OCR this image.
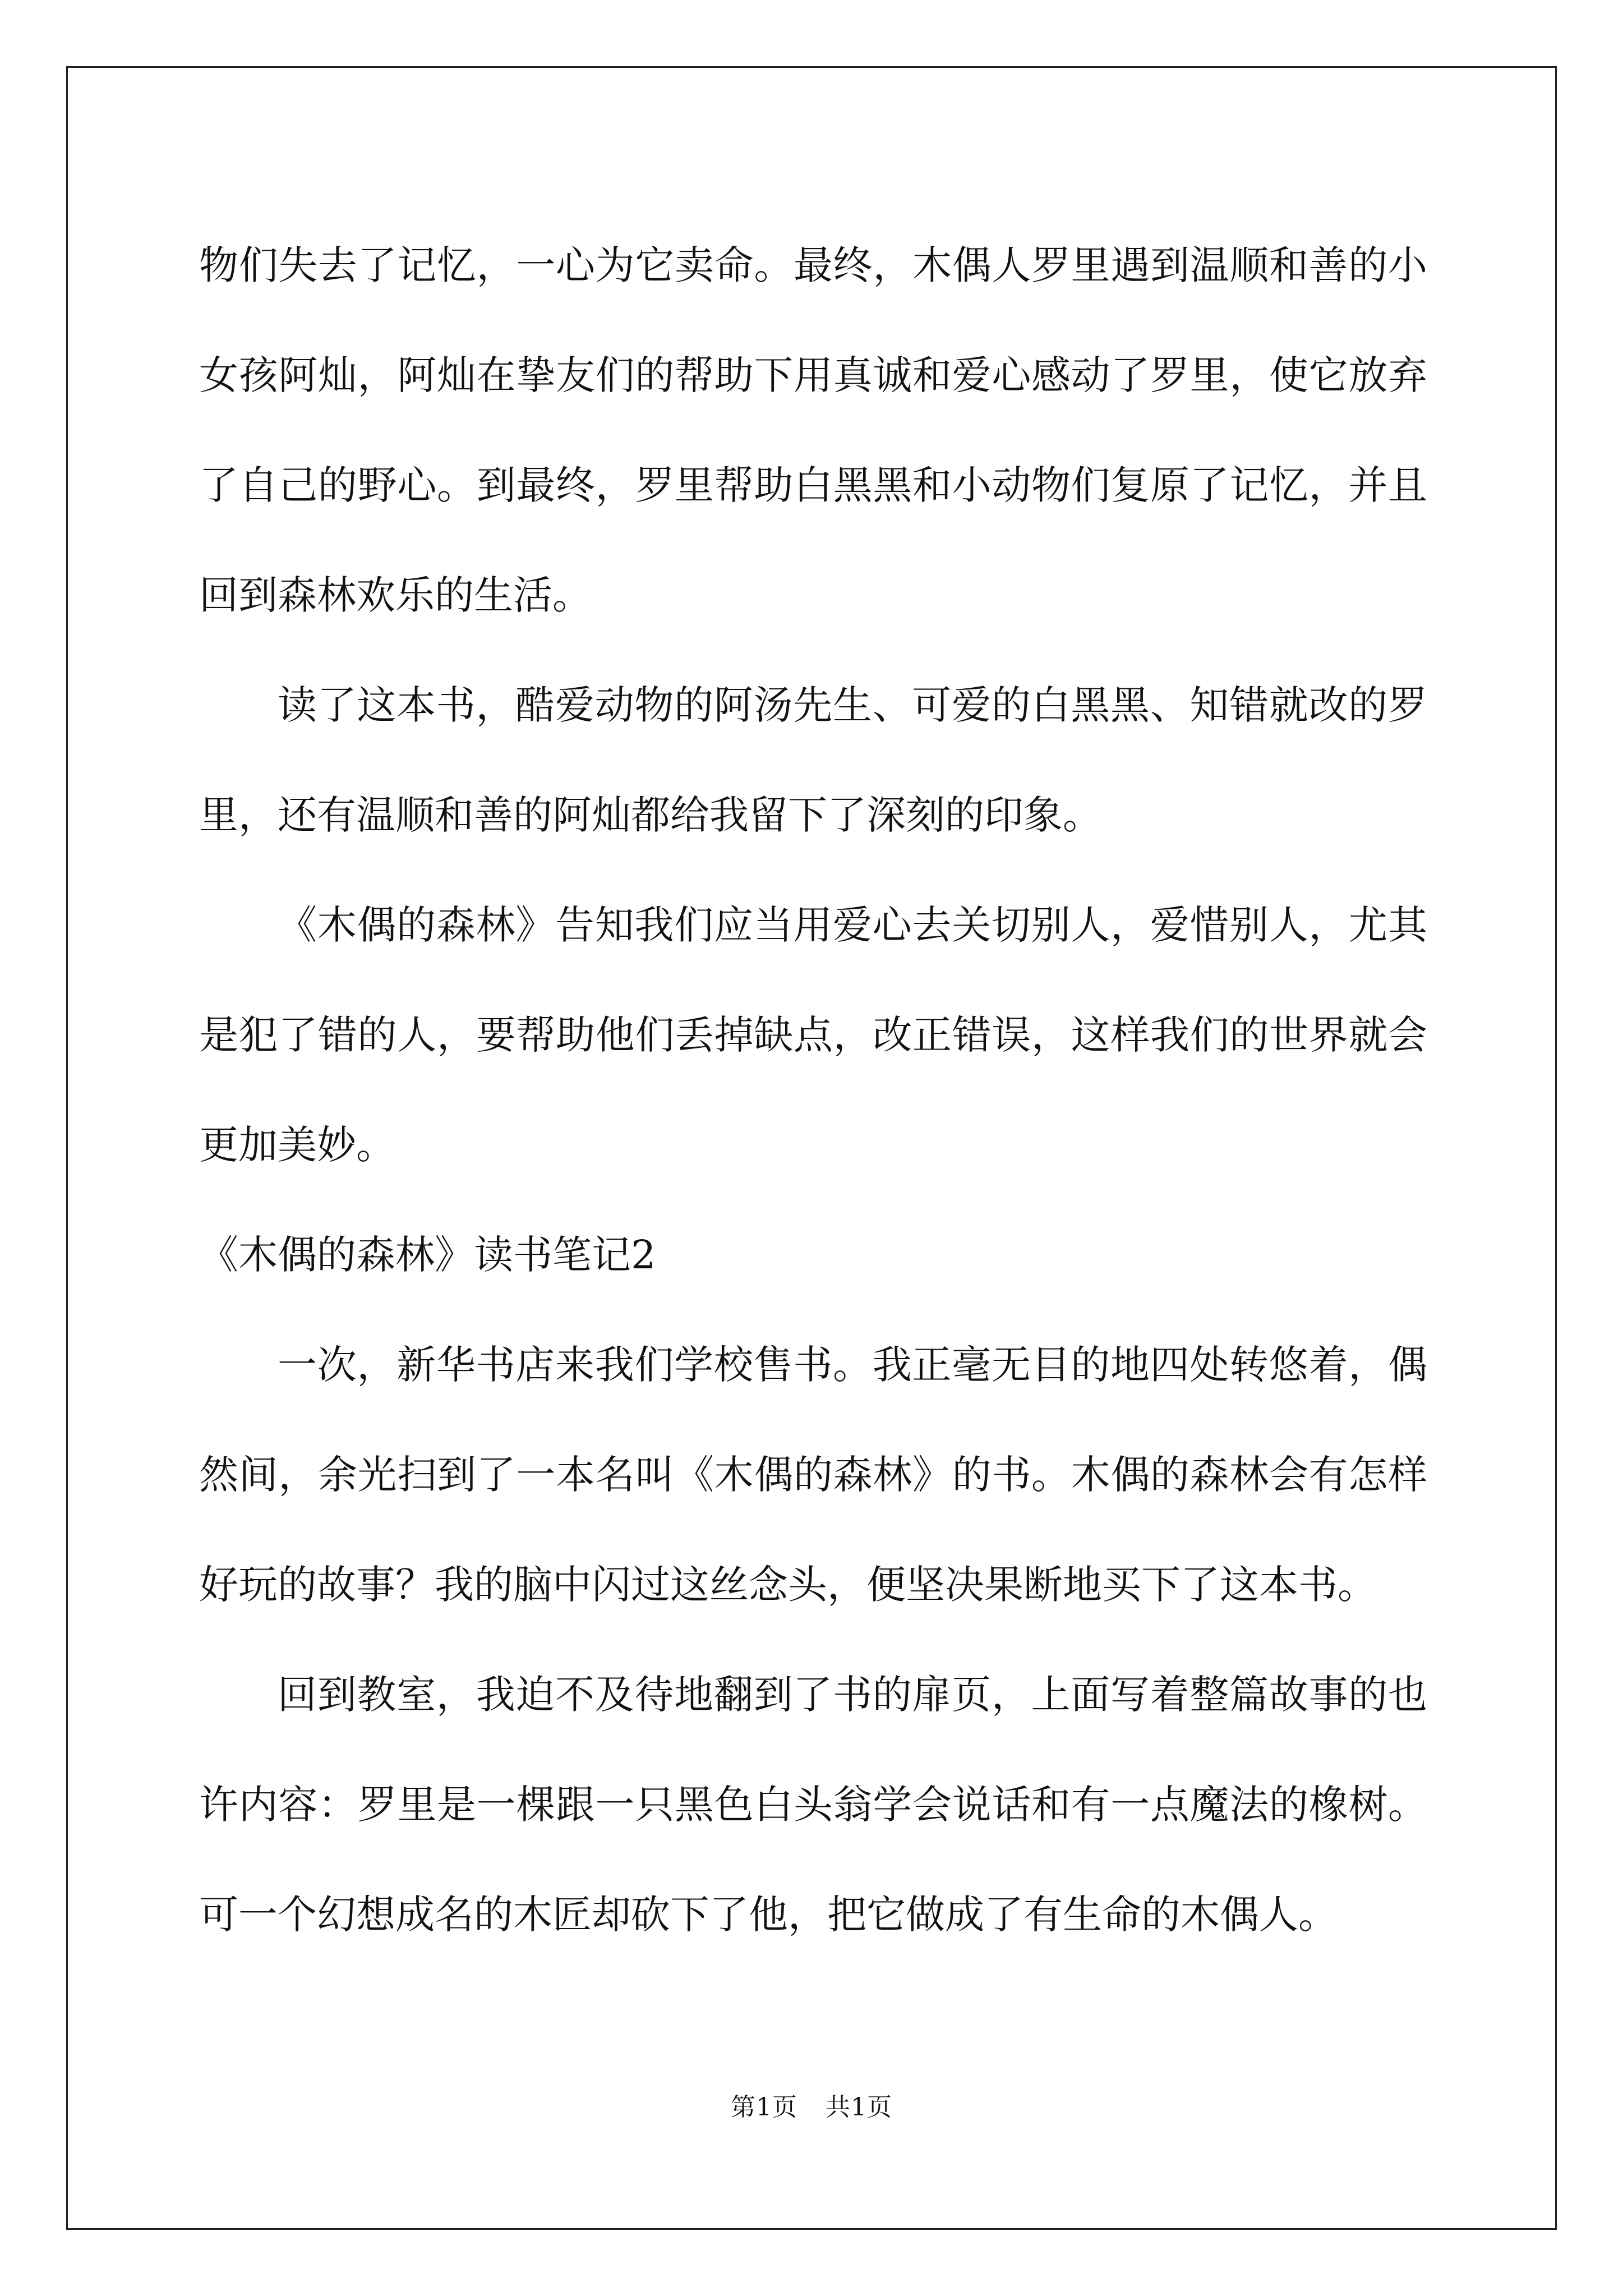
物们失去了记忆，一心为它卖命。最终，木偶人罗里遇到温顺和善的小女孩阿灿，阿灿在挚友们的帮助下用真诚和爱心感动了罗里，使它放弃了自己的野心。到最终，罗里帮助白黑黑和小动物们复原了记忆，并且回到森林欢乐的生活。

读了这本书，酷爱动物的阿汤先生、可爱的白黑黑、知错就改的罗里，还有温顺和善的阿灿都给我留下了深刻的印象。

《木偶的森林》告知我们应当用爱心去关切别人，爱惜别人，尤其是犯了错的人，要帮助他们丢掉缺点，改正错误，这样我们的世界就会更加美妙。

《木偶的森林》读书笔记2

一次，新华书店来我们学校售书。我正毫无目的地四处转悠着，偶然间，余光扫到了一本名叫《木偶的森林》的书。木偶的森林会有怎样好玩的故事？我的脑中闪过这丝念头，便坚决果断地买下了这本书。

回到教室，我迫不及待地翻到了书的扉页，上面写着整篇故事的也许内容：罗里是一棵跟一只黑色白头翁学会说话和有一点魔法的橡树。可一个幻想成名的木匠却砍下了他，把它做成了有生命的木偶人。

第1页 共1页
